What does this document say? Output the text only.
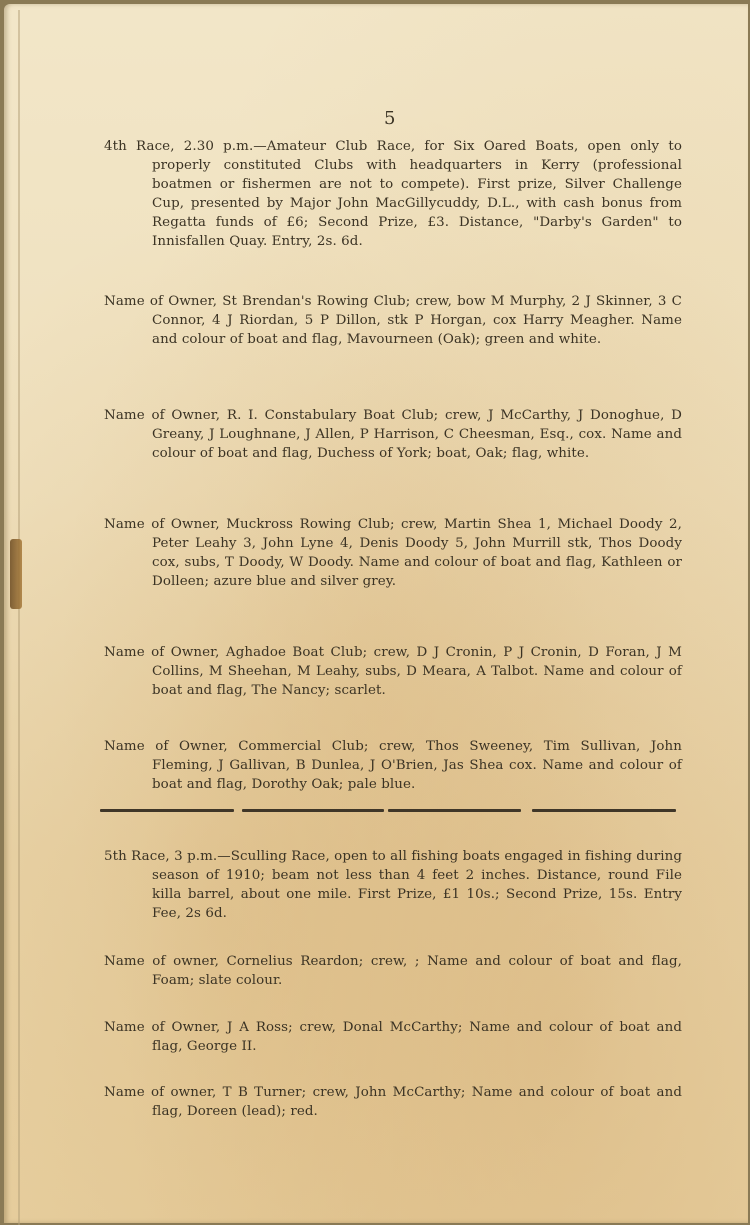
5

4th Race, 2.30 p.m.—Amateur Club Race, for Six Oared Boats, open only to properly constituted Clubs with headquarters in Kerry (professional boatmen or fishermen are not to compete). First prize, Silver Challenge Cup, presented by Major John MacGillycuddy, D.L., with cash bonus from Regatta funds of £6; Second Prize, £3. Distance, "Darby's Garden" to Innisfallen Quay. Entry, 2s. 6d.

Name of Owner, St Brendan's Rowing Club; crew, bow M Murphy, 2 J Skinner, 3 C Connor, 4 J Riordan, 5 P Dillon, stk P Horgan, cox Harry Meagher. Name and colour of boat and flag, Mavourneen (Oak); green and white.

Name of Owner, R. I. Constabulary Boat Club; crew, J McCarthy, J Donoghue, D Greany, J Loughnane, J Allen, P Harrison, C Cheesman, Esq., cox. Name and colour of boat and flag, Duchess of York; boat, Oak; flag, white.

Name of Owner, Muckross Rowing Club; crew, Martin Shea 1, Michael Doody 2, Peter Leahy 3, John Lyne 4, Denis Doody 5, John Murrill stk, Thos Doody cox, subs, T Doody, W Doody. Name and colour of boat and flag, Kathleen or Dolleen; azure blue and silver grey.

Name of Owner, Aghadoe Boat Club; crew, D J Cronin, P J Cronin, D Foran, J M Collins, M Sheehan, M Leahy, subs, D Meara, A Talbot. Name and colour of boat and flag, The Nancy; scarlet.

Name of Owner, Commercial Club; crew, Thos Sweeney, Tim Sullivan, John Fleming, J Gallivan, B Dunlea, J O'Brien, Jas Shea cox. Name and colour of boat and flag, Dorothy Oak; pale blue.

5th Race, 3 p.m.—Sculling Race, open to all fishing boats engaged in fishing during season of 1910; beam not less than 4 feet 2 inches. Distance, round File killa barrel, about one mile. First Prize, £1 10s.; Second Prize, 15s. Entry Fee, 2s 6d.

Name of owner, Cornelius Reardon; crew, ; Name and colour of boat and flag, Foam; slate colour.

Name of Owner, J A Ross; crew, Donal McCarthy; Name and colour of boat and flag, George II.

Name of owner, T B Turner; crew, John McCarthy; Name and colour of boat and flag, Doreen (lead); red.
